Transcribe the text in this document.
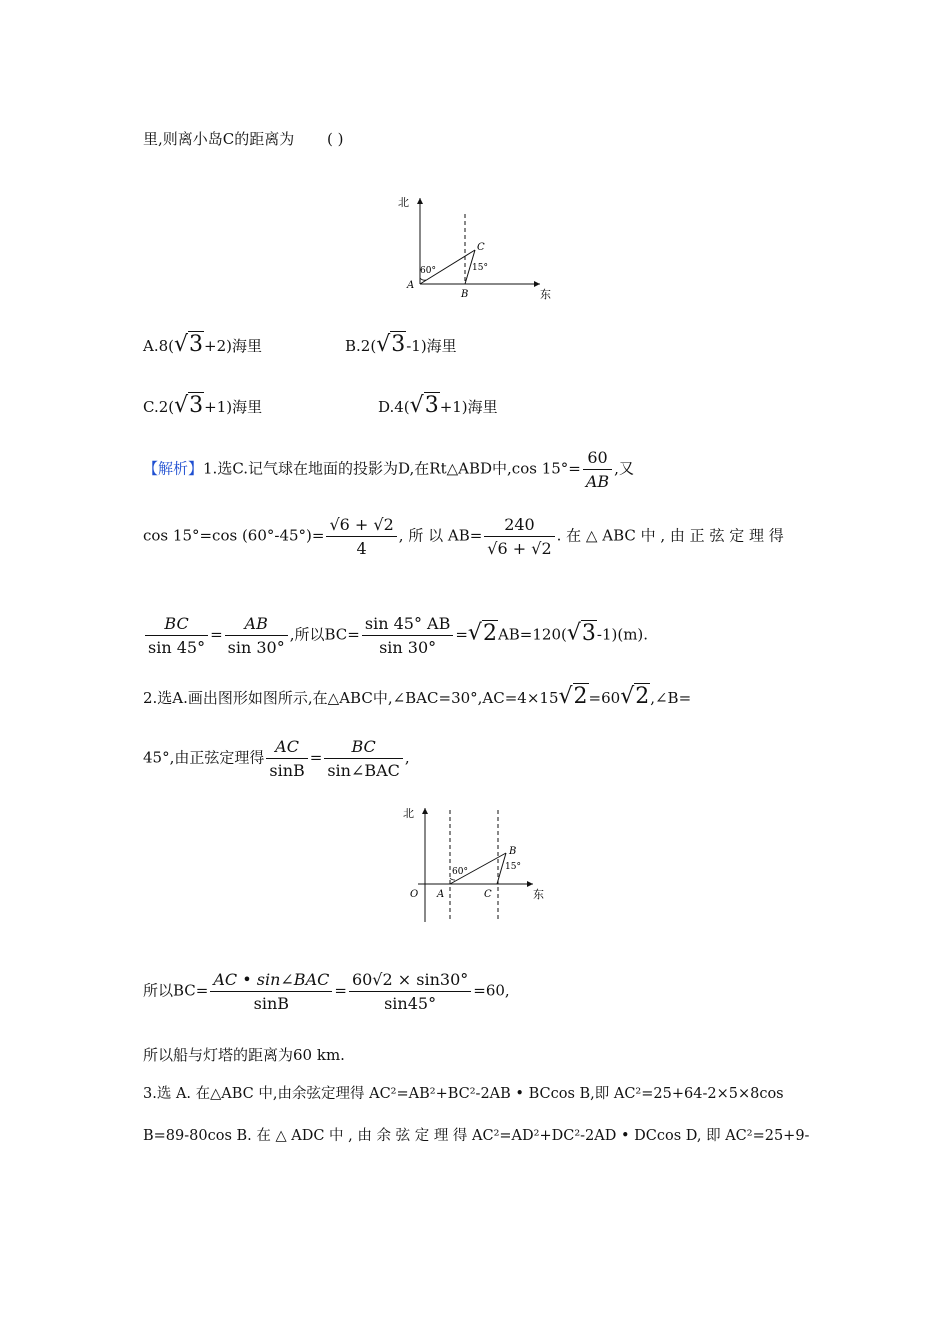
里,则离小岛C的距离为 ( )
北
东
A
B
C
60°	15°
A.8(√3+2)海里	B.2(√3-1)海里
C.2(√3+1)海里	D.4(√3+1)海里
【解析】1.选C.记气球在地面的投影为D,在Rt△ABD中,cos $15^\circ= \frac{60}{AB}$ ,又
cos 15°=cos $(60^\circ-45^\circ)= \frac{√6 + √2}{4}$ , 所 以 $AB= \frac{240}{√6 + √2}$ . 在 △ ABC 中 , 由 正 弦 定 理 得
$\frac{BC}{\sin 45^\circ} = \frac{AB}{\sin 30^\circ}$ ,所以$BC= \frac{\sin 45^\circ AB}{\sin 30^\circ} =√2AB=120(√3-1)(m)$.
2.选A.画出图形如图所示,在△ABC中,∠BAC=30°,AC=4×15√2=60√2,∠B=
45°,由正弦定理得 $\frac{AC}{\sin B} = \frac{BC}{\text{sin∠BAC}}$ ,
北
东
O A	C
B
60°	15°
所以$BC= \frac{\text{AC • sin∠BAC}}{\sin B} = \frac{60√2 \times \sin 30^\circ}{\sin 45^\circ} =60$,
所以船与灯塔的距离为60 km.
3.选 A. 在△ABC 中,由余弦定理得 AC²=AB²+BC²-2AB • BCcos B,即 AC²=25+64-2×5×8cos
B=89-80cos B. 在 △ ADC 中 , 由 余 弦 定 理 得 AC²=AD²+DC²-2AD • DCcos D, 即 AC²=25+9-
